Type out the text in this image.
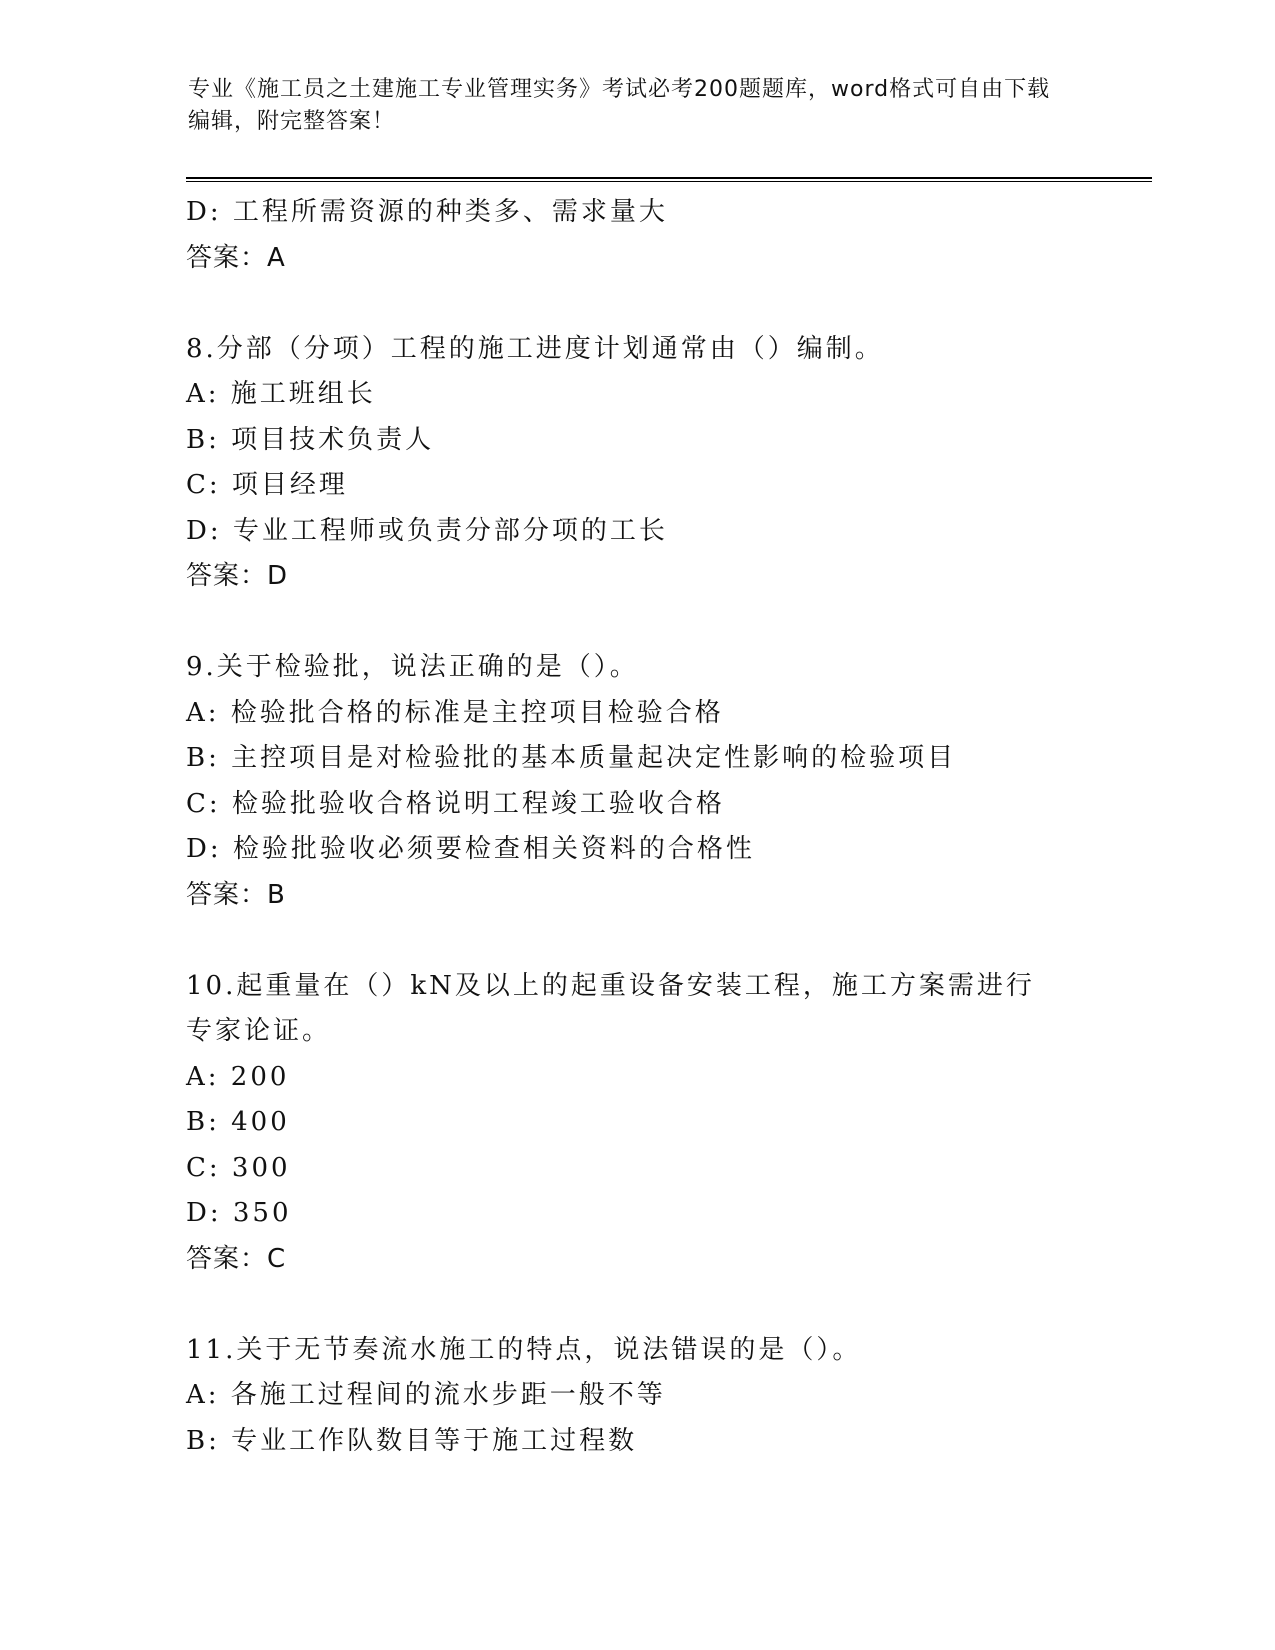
专业《施工员之土建施工专业管理实务》考试必考200题题库，word格式可自由下载编辑，附完整答案！
D: 工程所需资源的种类多、需求量大
答案：A
8.分部（分项）工程的施工进度计划通常由（）编制。
A: 施工班组长
B: 项目技术负责人
C: 项目经理
D: 专业工程师或负责分部分项的工长
答案：D
9.关于检验批，说法正确的是（）。
A: 检验批合格的标准是主控项目检验合格
B: 主控项目是对检验批的基本质量起决定性影响的检验项目
C: 检验批验收合格说明工程竣工验收合格
D: 检验批验收必须要检查相关资料的合格性
答案：B
10.起重量在（）kN及以上的起重设备安装工程，施工方案需进行专家论证。
A: 200
B: 400
C: 300
D: 350
答案：C
11.关于无节奏流水施工的特点，说法错误的是（）。
A: 各施工过程间的流水步距一般不等
B: 专业工作队数目等于施工过程数
